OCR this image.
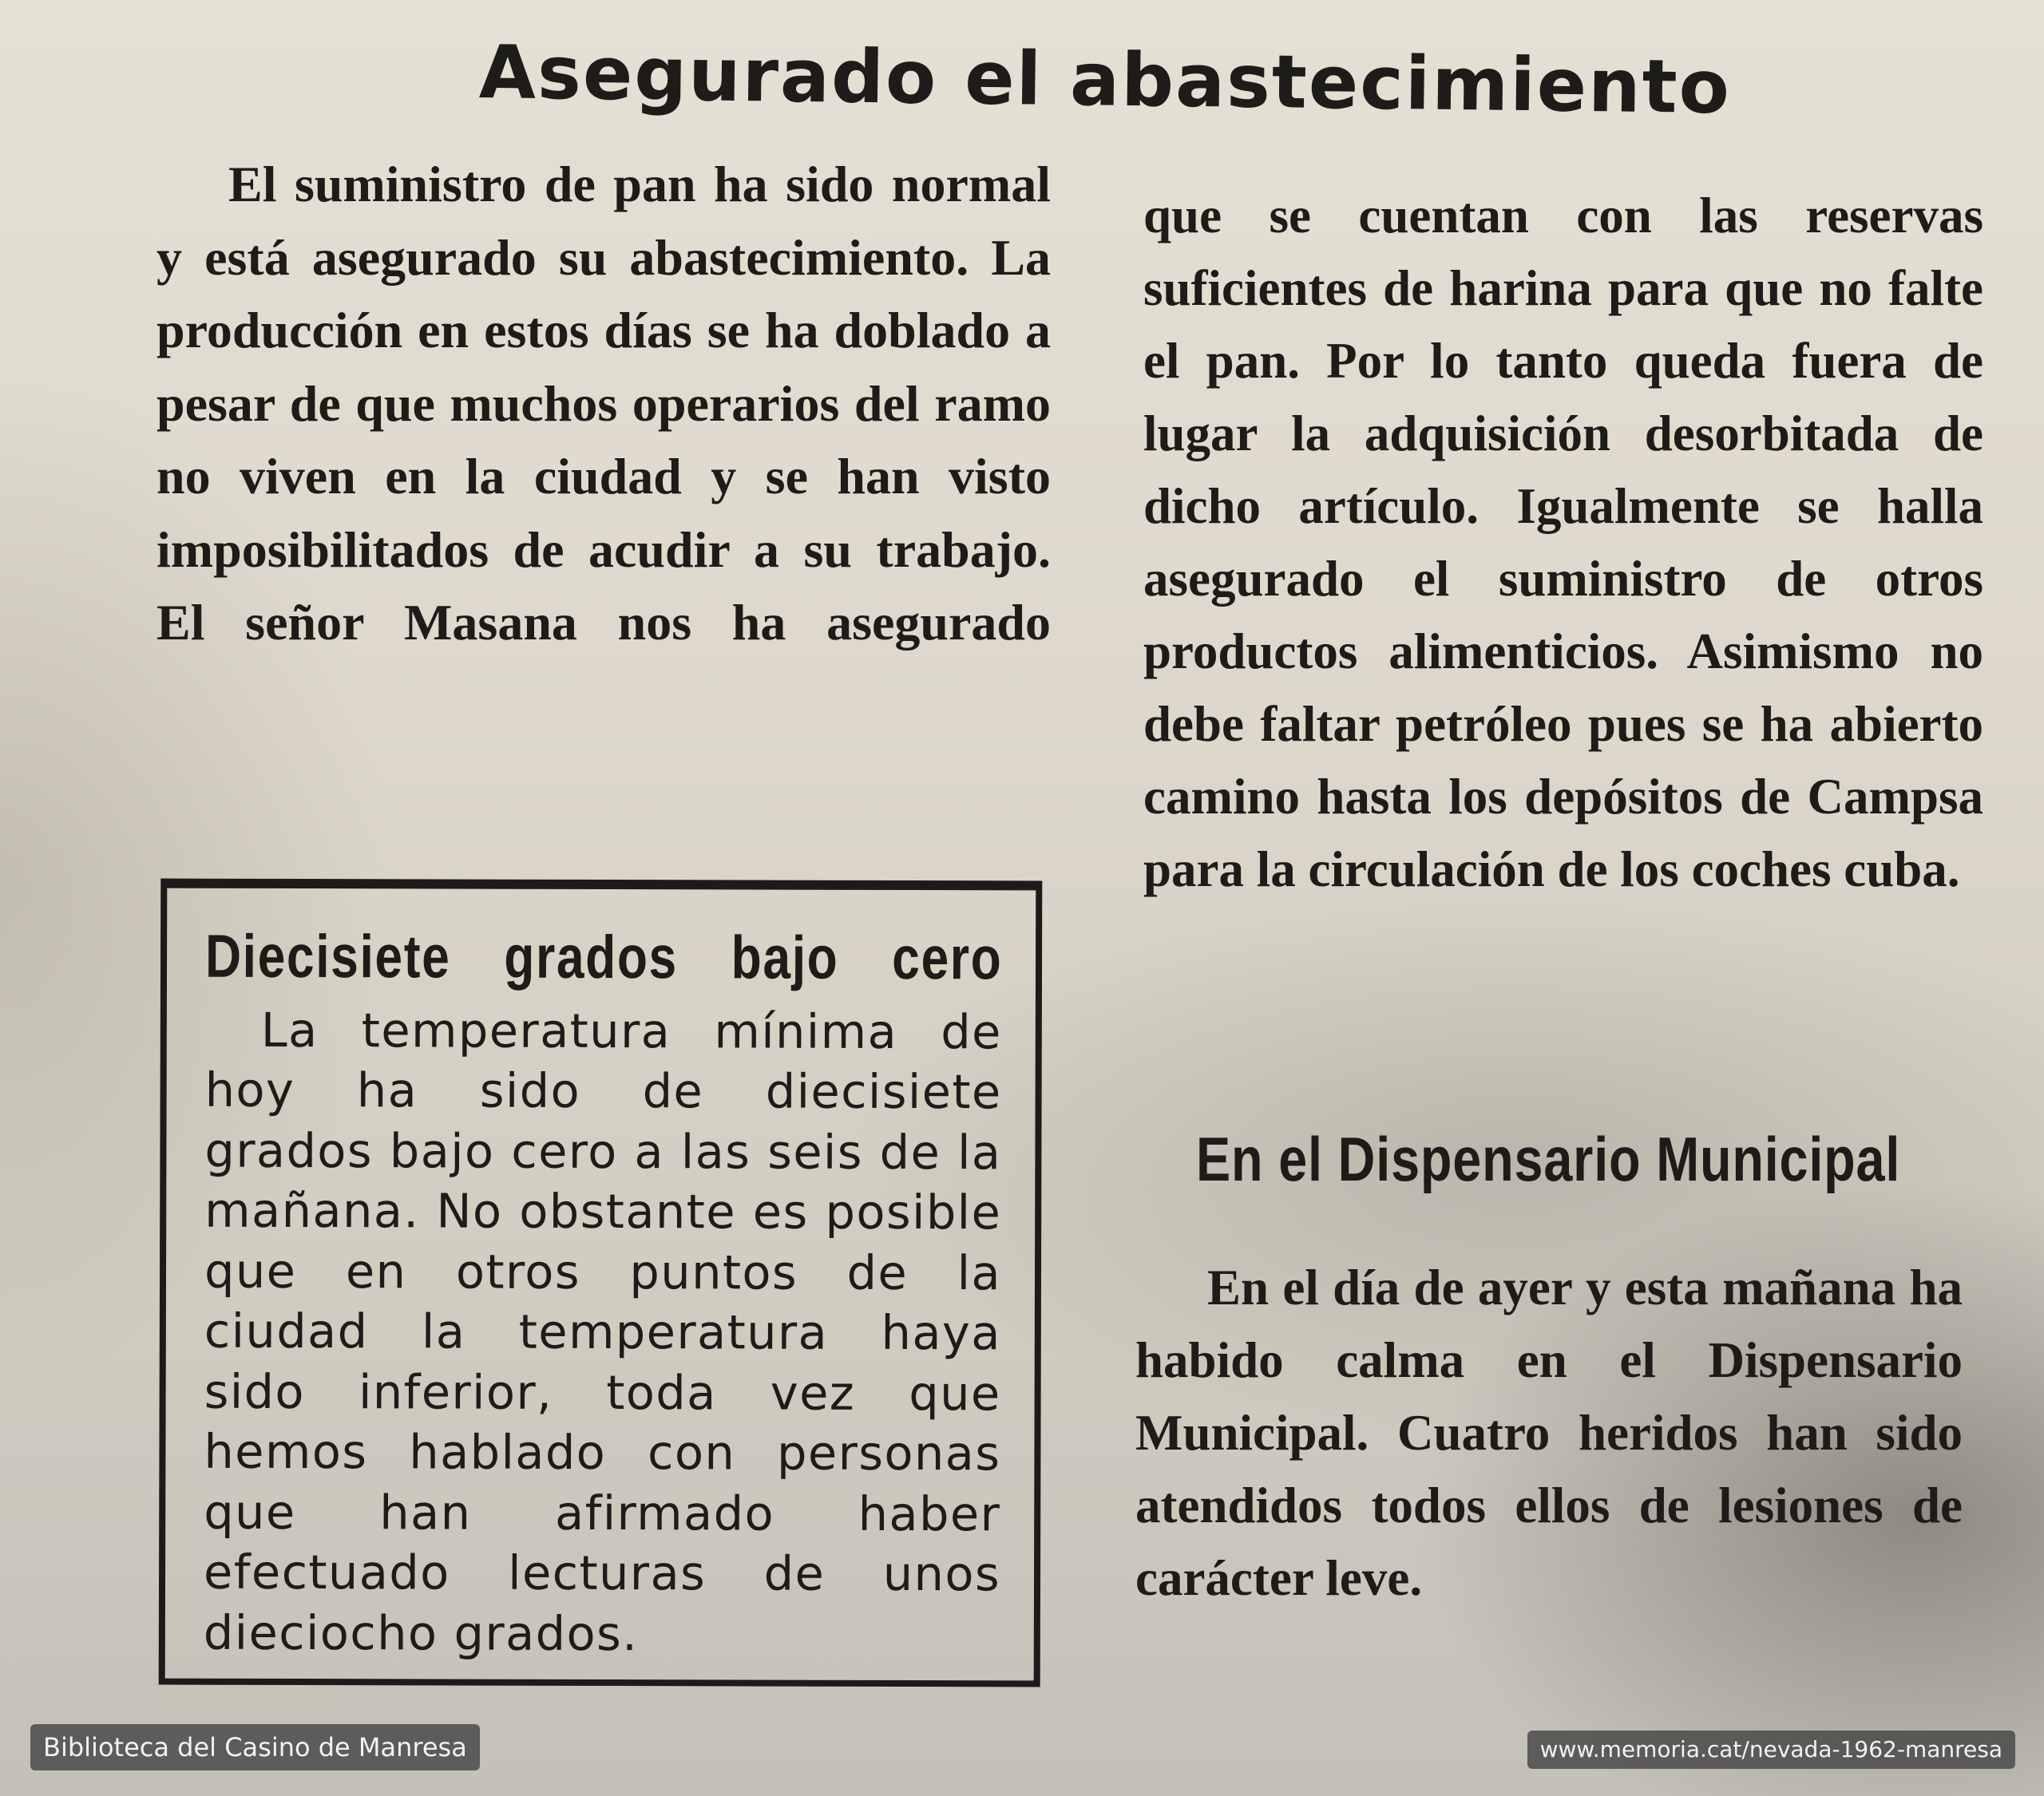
Asegurado el abastecimiento

El suministro de pan ha sido normal y está asegurado su abastecimiento. La producción en estos días se ha doblado a pesar de que muchos operarios del ramo no viven en la ciudad y se han visto imposibilitados de acudir a su trabajo. El señor Masana nos ha asegurado

que se cuentan con las reservas suficientes de harina para que no falte el pan. Por lo tanto queda fuera de lugar la adquisición desorbitada de dicho artículo. Igualmente se halla asegurado el suministro de otros productos alimenticios. Asimismo no debe faltar petróleo pues se ha abierto camino hasta los depósitos de Campsa para la circulación de los coches cuba.

Diecisiete grados bajo cero

La temperatura mínima de hoy ha sido de diecisiete grados bajo cero a las seis de la mañana. No obstante es posible que en otros puntos de la ciudad la temperatura haya sido inferior, toda vez que hemos hablado con personas que han afirmado haber efectuado lecturas de unos dieciocho grados.

En el Dispensario Municipal

En el día de ayer y esta mañana ha habido calma en el Dispensario Municipal. Cuatro heridos han sido atendidos todos ellos de lesiones de carácter leve.

Biblioteca del Casino de Manresa	www.memoria.cat/nevada-1962-manresa
